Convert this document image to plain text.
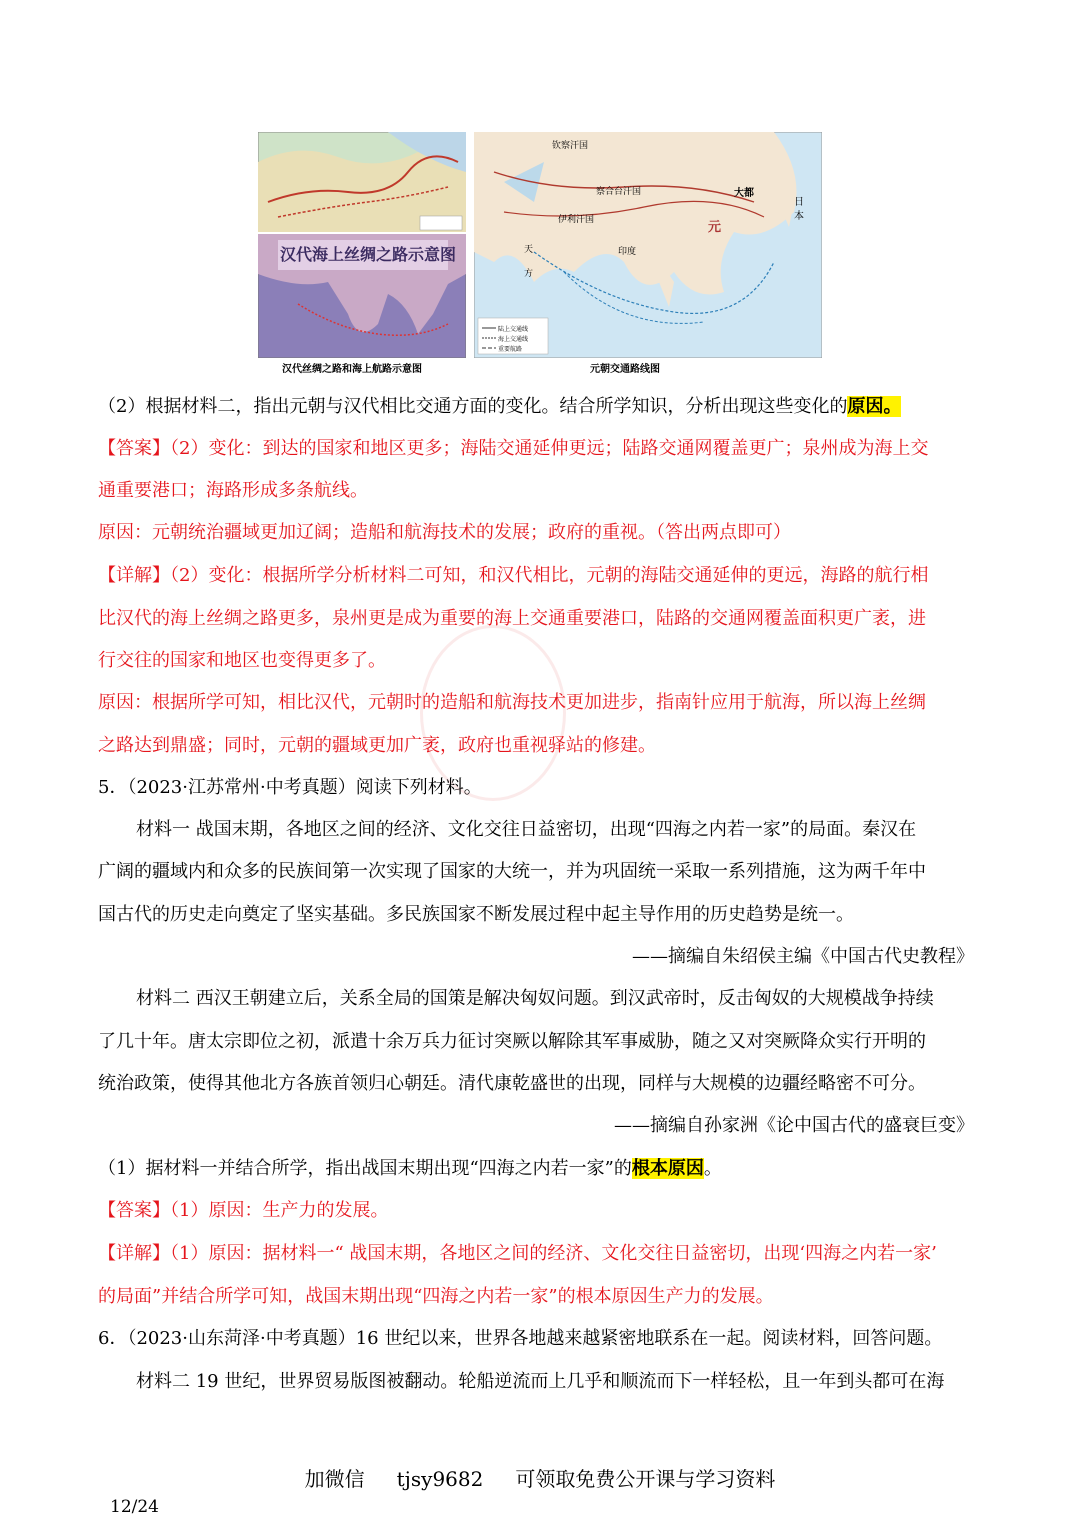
汉代海上丝绸之路示意图
钦察汗国
察合台汗国
伊利汗国
印度
大都
元
日本
天方
陆上交通线
海上交通线
重要航路
汉代丝绸之路和海上航路示意图	元朝交通路线图
（2）根据材料二，指出元朝与汉代相比交通方面的变化。结合所学知识，分析出现这些变化的原因。
【答案】（2）变化：到达的国家和地区更多；海陆交通延伸更远；陆路交通网覆盖更广；泉州成为海上交
通重要港口；海路形成多条航线。
原因：元朝统治疆域更加辽阔；造船和航海技术的发展；政府的重视。（答出两点即可）
【详解】（2）变化：根据所学分析材料二可知，和汉代相比，元朝的海陆交通延伸的更远，海路的航行相
比汉代的海上丝绸之路更多，泉州更是成为重要的海上交通重要港口，陆路的交通网覆盖面积更广袤，进
行交往的国家和地区也变得更多了。
原因：根据所学可知，相比汉代，元朝时的造船和航海技术更加进步，指南针应用于航海，所以海上丝绸
之路达到鼎盛；同时，元朝的疆域更加广袤，政府也重视驿站的修建。
5．（2023·江苏常州·中考真题）阅读下列材料。
材料一 战国末期，各地区之间的经济、文化交往日益密切，出现“四海之内若一家”的局面。秦汉在
广阔的疆域内和众多的民族间第一次实现了国家的大统一，并为巩固统一采取一系列措施，这为两千年中
国古代的历史走向奠定了坚实基础。多民族国家不断发展过程中起主导作用的历史趋势是统一。
——摘编自朱绍侯主编《中国古代史教程》
材料二 西汉王朝建立后，关系全局的国策是解决匈奴问题。到汉武帝时，反击匈奴的大规模战争持续
了几十年。唐太宗即位之初，派遣十余万兵力征讨突厥以解除其军事威胁，随之又对突厥降众实行开明的
统治政策，使得其他北方各族首领归心朝廷。清代康乾盛世的出现，同样与大规模的边疆经略密不可分。
——摘编自孙家洲《论中国古代的盛衰巨变》
（1）据材料一并结合所学，指出战国末期出现“四海之内若一家”的根本原因。
【答案】（1）原因：生产力的发展。
【详解】（1）原因：据材料一“ 战国末期，各地区之间的经济、文化交往日益密切，出现‘四海之内若一家’
的局面”并结合所学可知，战国末期出现“四海之内若一家”的根本原因生产力的发展。
6．（2023·山东菏泽·中考真题）16 世纪以来，世界各地越来越紧密地联系在一起。阅读材料，回答问题。
材料二 19 世纪，世界贸易版图被翻动。轮船逆流而上几乎和顺流而下一样轻松，且一年到头都可在海
加微信 tjsy9682 可领取免费公开课与学习资料
12/24
